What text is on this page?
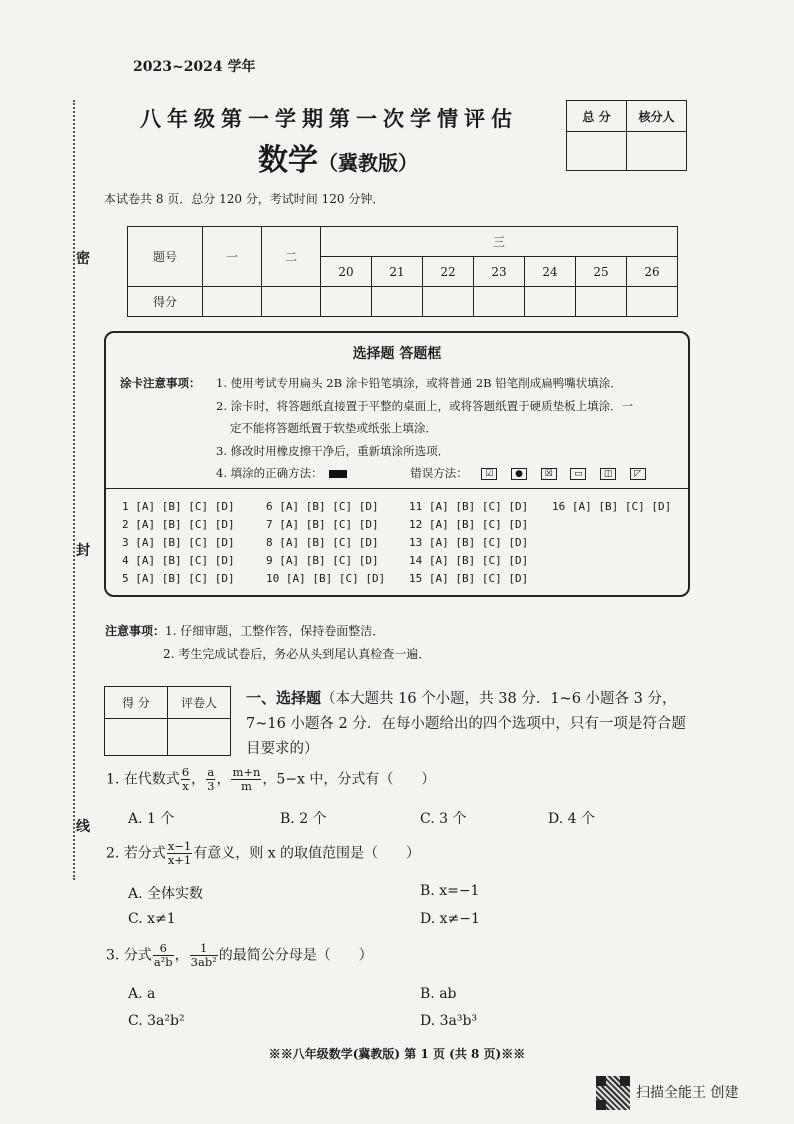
2023~2024 学年
八年级第一学期第一次学情评估
数学（冀教版）
总 分	核分人

本试卷共 8 页．总分 120 分，考试时间 120 分钟．
密
封
线
题号	一	二	三						
			20	21	22	23	24	25	26
得分									
选择题 答题框
涂卡注意事项： 1. 使用考试专用扁头 2B 涂卡铅笔填涂，或将普通 2B 铅笔削成扁鸭嘴状填涂．
2. 涂卡时，将答题纸直接置于平整的桌面上，或将答题纸置于硬质垫板上填涂．一
定不能将答题纸置于软垫或纸张上填涂．
3. 修改时用橡皮擦干净后，重新填涂所选项．
4. 填涂的正确方法：	错误方法： ☑ ● ☒ ▭ ◫ ◸
1 [A] [B] [C] [D]	6 [A] [B] [C] [D]	11 [A] [B] [C] [D] 16 [A] [B] [C] [D]
2 [A] [B] [C] [D]	7 [A] [B] [C] [D]	12 [A] [B] [C] [D]
3 [A] [B] [C] [D]	8 [A] [B] [C] [D]	13 [A] [B] [C] [D]
4 [A] [B] [C] [D]	9 [A] [B] [C] [D]	14 [A] [B] [C] [D]
5 [A] [B] [C] [D]	10 [A] [B] [C] [D] 15 [A] [B] [C] [D]
注意事项：1. 仔细审题，工整作答，保持卷面整洁．
2. 考生完成试卷后，务必从头到尾认真检查一遍．
得 分	评卷人
	一、选择题（本大题共 16 个小题，共 38 分．1~6 小题各 3 分，7~16 小题各 2 分．在每小题给出的四个选项中，只有一项是符合题目要求的）
1. 在代数式 $\frac{6}{x}$ ， $\frac{a}{3}$ ， $\frac{m+n}{m}$ ，5−x 中，分式有（　　）
A. 1 个	B. 2 个	C. 3 个	D. 4 个
2. 若分式 $\frac{x-1}{x+1}$ 有意义，则 x 的取值范围是（　　）
A. 全体实数	B. x=−1
C. x≠1	D. x≠−1
3. 分式 $\frac{6}{\text{a²b}}$ ， $\frac{1}{\text{3ab²}}$ 的最简公分母是（　　）
A. a	B. ab
C. 3a²b²	D. 3a³b³
※※八年级数学(冀教版) 第 1 页 (共 8 页)※※
扫描全能王 创建
